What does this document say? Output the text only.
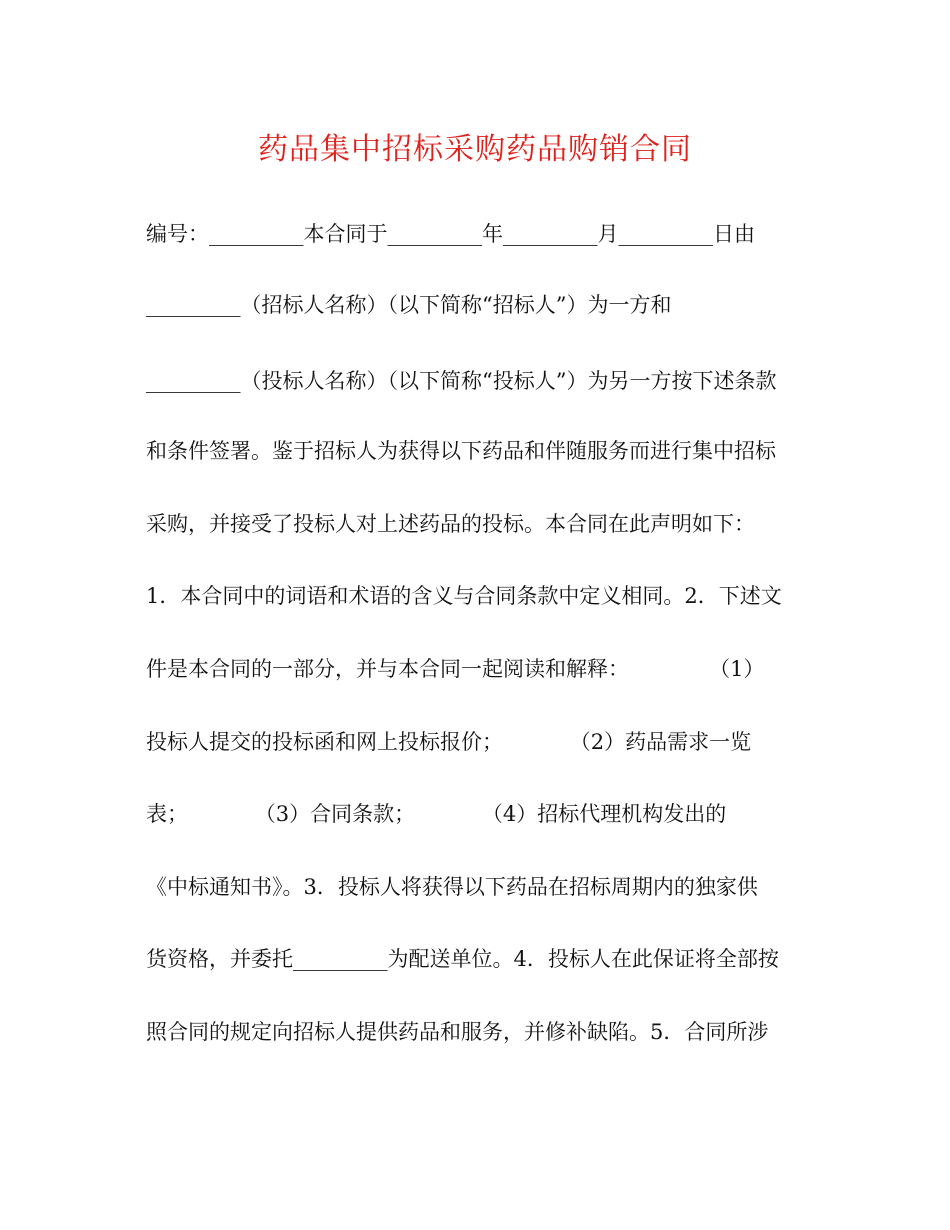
药品集中招标采购药品购销合同
编号：_________本合同于_________年_________月_________日由
_________（招标人名称）（以下简称“招标人”）为一方和
_________（投标人名称）（以下简称“投标人”）为另一方按下述条款
和条件签署。鉴于招标人为获得以下药品和伴随服务而进行集中招标
采购，并接受了投标人对上述药品的投标。本合同在此声明如下：
1．本合同中的词语和术语的含义与合同条款中定义相同。2．下述文
件是本合同的一部分，并与本合同一起阅读和解释：            （1）
投标人提交的投标函和网上投标报价；          （2）药品需求一览
表；          （3）合同条款；          （4）招标代理机构发出的
《中标通知书》。3．投标人将获得以下药品在招标周期内的独家供
货资格，并委托_________为配送单位。4．投标人在此保证将全部按
照合同的规定向招标人提供药品和服务，并修补缺陷。5．合同所涉
